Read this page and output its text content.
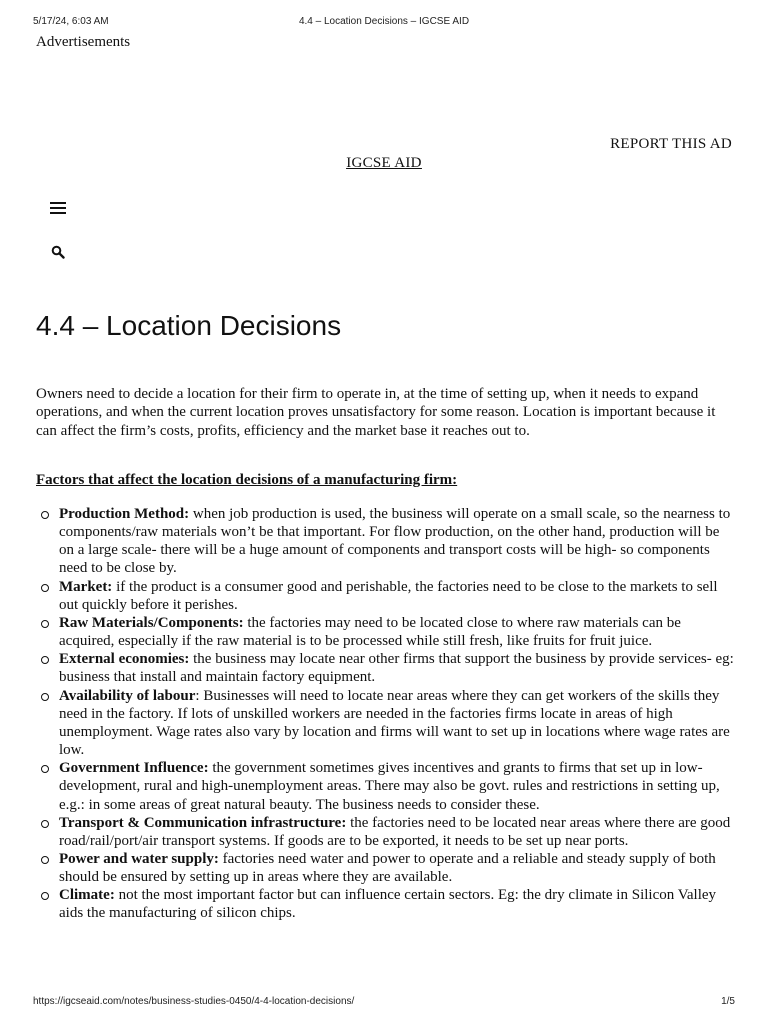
5/17/24, 6:03 AM	4.4 – Location Decisions – IGCSE AID
Advertisements
REPORT THIS AD
IGCSE AID
4.4 – Location Decisions

Owners need to decide a location for their firm to operate in, at the time of setting up, when it needs to expand operations, and when the current location proves unsatisfactory for some reason. Location is important because it can affect the firm’s costs, profits, efficiency and the market base it reaches out to.

Factors that affect the location decisions of a manufacturing firm:

Production Method: when job production is used, the business will operate on a small scale, so the nearness to components/raw materials won’t be that important. For flow production, on the other hand, production will be on a large scale- there will be a huge amount of components and transport costs will be high- so components need to be close by.
Market: if the product is a consumer good and perishable, the factories need to be close to the markets to sell out quickly before it perishes.
Raw Materials/Components: the factories may need to be located close to where raw materials can be acquired, especially if the raw material is to be processed while still fresh, like fruits for fruit juice.
External economies: the business may locate near other firms that support the business by provide services- eg: business that install and maintain factory equipment.
Availability of labour: Businesses will need to locate near areas where they can get workers of the skills they need in the factory. If lots of unskilled workers are needed in the factories firms locate in areas of high unemployment. Wage rates also vary by location and firms will want to set up in locations where wage rates are low.
Government Influence: the government sometimes gives incentives and grants to firms that set up in low-development, rural and high-unemployment areas. There may also be govt. rules and restrictions in setting up, e.g.: in some areas of great natural beauty. The business needs to consider these.
Transport & Communication infrastructure: the factories need to be located near areas where there are good road/rail/port/air transport systems. If goods are to be exported, it needs to be set up near ports.
Power and water supply: factories need water and power to operate and a reliable and steady supply of both should be ensured by setting up in areas where they are available.
Climate: not the most important factor but can influence certain sectors. Eg: the dry climate in Silicon Valley aids the manufacturing of silicon chips.
https://igcseaid.com/notes/business-studies-0450/4-4-location-decisions/	1/5
